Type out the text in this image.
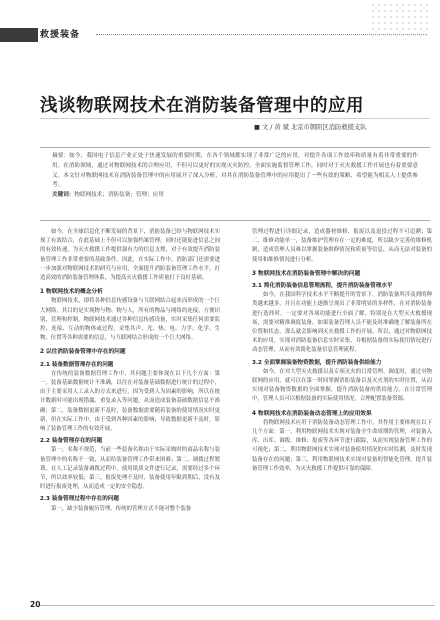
救援装备
浅谈物联网技术在消防装备管理中的应用
■ 文 / 黄 斌 北京市朝阳区消防救援支队

摘要：如今，我国电子信息产业正处于快速发展的重要时期，在各个领域都实现了非常广泛的应用，对提升各项工作效率和质量有着非常重要的作用。在消防领域，通过对物联网技术的合理应用，不但可以更好的实现灭火防控，全面实施监督管理工作，同时对于灭火救援工作开展也有着重要意义。本文针对物联网技术在消防装备管理中的应用展开了深入分析，对其在消防装备管理中的应用提出了一些有效的策略，希望能为相关人士提供参考。

关键词：物联网技术；消防装备；管理；应用

如今，在全球信息化不断发展的背景下，消防装备已经与物联网技术实现了有效结合，在此基础上不但可以加强档案管理，同时还能促进信息之间的有效传递，为灭火救援工作提供强有力的信息支撑，对于有效提升消防装备管理工作非常重要的基础条件。因此，在实际工作中，消防部门还需要进一步加强对物联网技术的研究与应用，全面提升消防装备管理工作水平，打造高效的消防装备管理体系，为提高灭火救援工作质量打下良好基础。

1 物联网技术的概念分析

物联网技术，即将各种信息传感设备与互联网结合起来而形成的一个巨大网络，其目的是实现物与物、物与人，所有的物品与网络的连接，方便识别、管理和控制。物联网技术通过各种信息传感设备，实时采集任何需要监控、连接、互动的物体或过程，采集其声、光、热、电、力学、化学、生物、位置等各种需要的信息，与互联网结合形成的一个巨大网络。

2 以往消防装备管理中存在的问题

2.1 装备数据管理存在的问题

在传统的装备数据管理工作中，其问题主要体现在以下几个方面：第一，装备基础数据统计不准确，以往在对装备基础数据进行统计的过程中，由于主要采用人工录入的方式来进行，因为受到人为因素的影响，所以在统计数据时可能出现错漏、重复录入等问题，从而造成装备基础数据信息不准确；第二，装备数据更新不及时，装备数据需要随着装备的使用情况实时更新，但在实际工作中，由于受到各种因素的影响，导致数据更新不及时，影响了装备管理工作的有效开展。

2.2 装备管理存在的问题

第一，名称不规范，当前一些装备名称由于实际采购时的商品名称与装备管理中的名称不一致，从而给装备管理工作带来困难；第二，调拨过程繁琐，在人工记录装备调拨过程中，使用纸质文件进行记录，需要经过多个环节，所以效率较低；第三，报废处理不及时，装备使用年限到期后，没有及时进行报废处理，从而造成一定的安全隐患。

2.3 装备管理过程中存在的问题

第一，缺少装备履历管理。传统的管理方式不能对整个装备

管理过程进行详细记录，造成器材维修、报废以及退役过程不可追溯；第二，维修功能单一，装备维护管理存在一定的难度，所以缺少完善的维修机制，造成管理人员难以掌握装备维修情况和质量等信息，从而无法对装备的使用和维修情况进行分析。

3 物联网技术在消防装备管理中解决的问题

3.1 简化消防装备信息管理流程，提升消防装备管理水平

如今，在我国科学技术水平不断提升的背景下，消防装备所涉及到的种类越来越多，并且在功能上逐渐呈现出了非常明显的多样性，在对消防装备进行选择时，一定要对各项功能进行全面了解，特别是在大型灭火救援现场，需要对精准调度装备，如果装备管理人员不能及时准确地了解装备所在位置和状态，那么就会影响到灭火救援工作的开展。所以，通过对物联网技术的应用，实现对消防装备信息实时采集，并根据装备的实际使用情况进行动态管理，从而有效简化装备信息管理流程。

3.2 全面掌握装备物资数据，提升消防装备供给能力

如今，在对大型灭火救援以及专项灭火的日常管理、调度时，通过对物联网的应用，就可以在第一时间掌握消防装备以及灭火剂的实时位置，从而实现对装备物资数据的全面掌握，提升消防装备的供给能力。在日常管理中，管理人员可以根据装备的实际使用情况，合理配置装备资源。

4 物联网技术在消防装备动态管理上的应用效果

将物联网技术应用于消防装备动态管理工作中，其作用主要体现在以下几个方面：第一，利用物联网技术实现对装备全生命周期的管理，对装备入库、出库、调拨、维修、报废等各环节进行跟踪，从而实现装备管理工作的可视化；第二，利用物联网技术实现对装备使用情况的实时监测，及时发现装备存在的问题；第三，利用物联网技术实现对装备的智能化管理，提升装备管理工作效率，为灭火救援工作提供可靠的保障。

20
